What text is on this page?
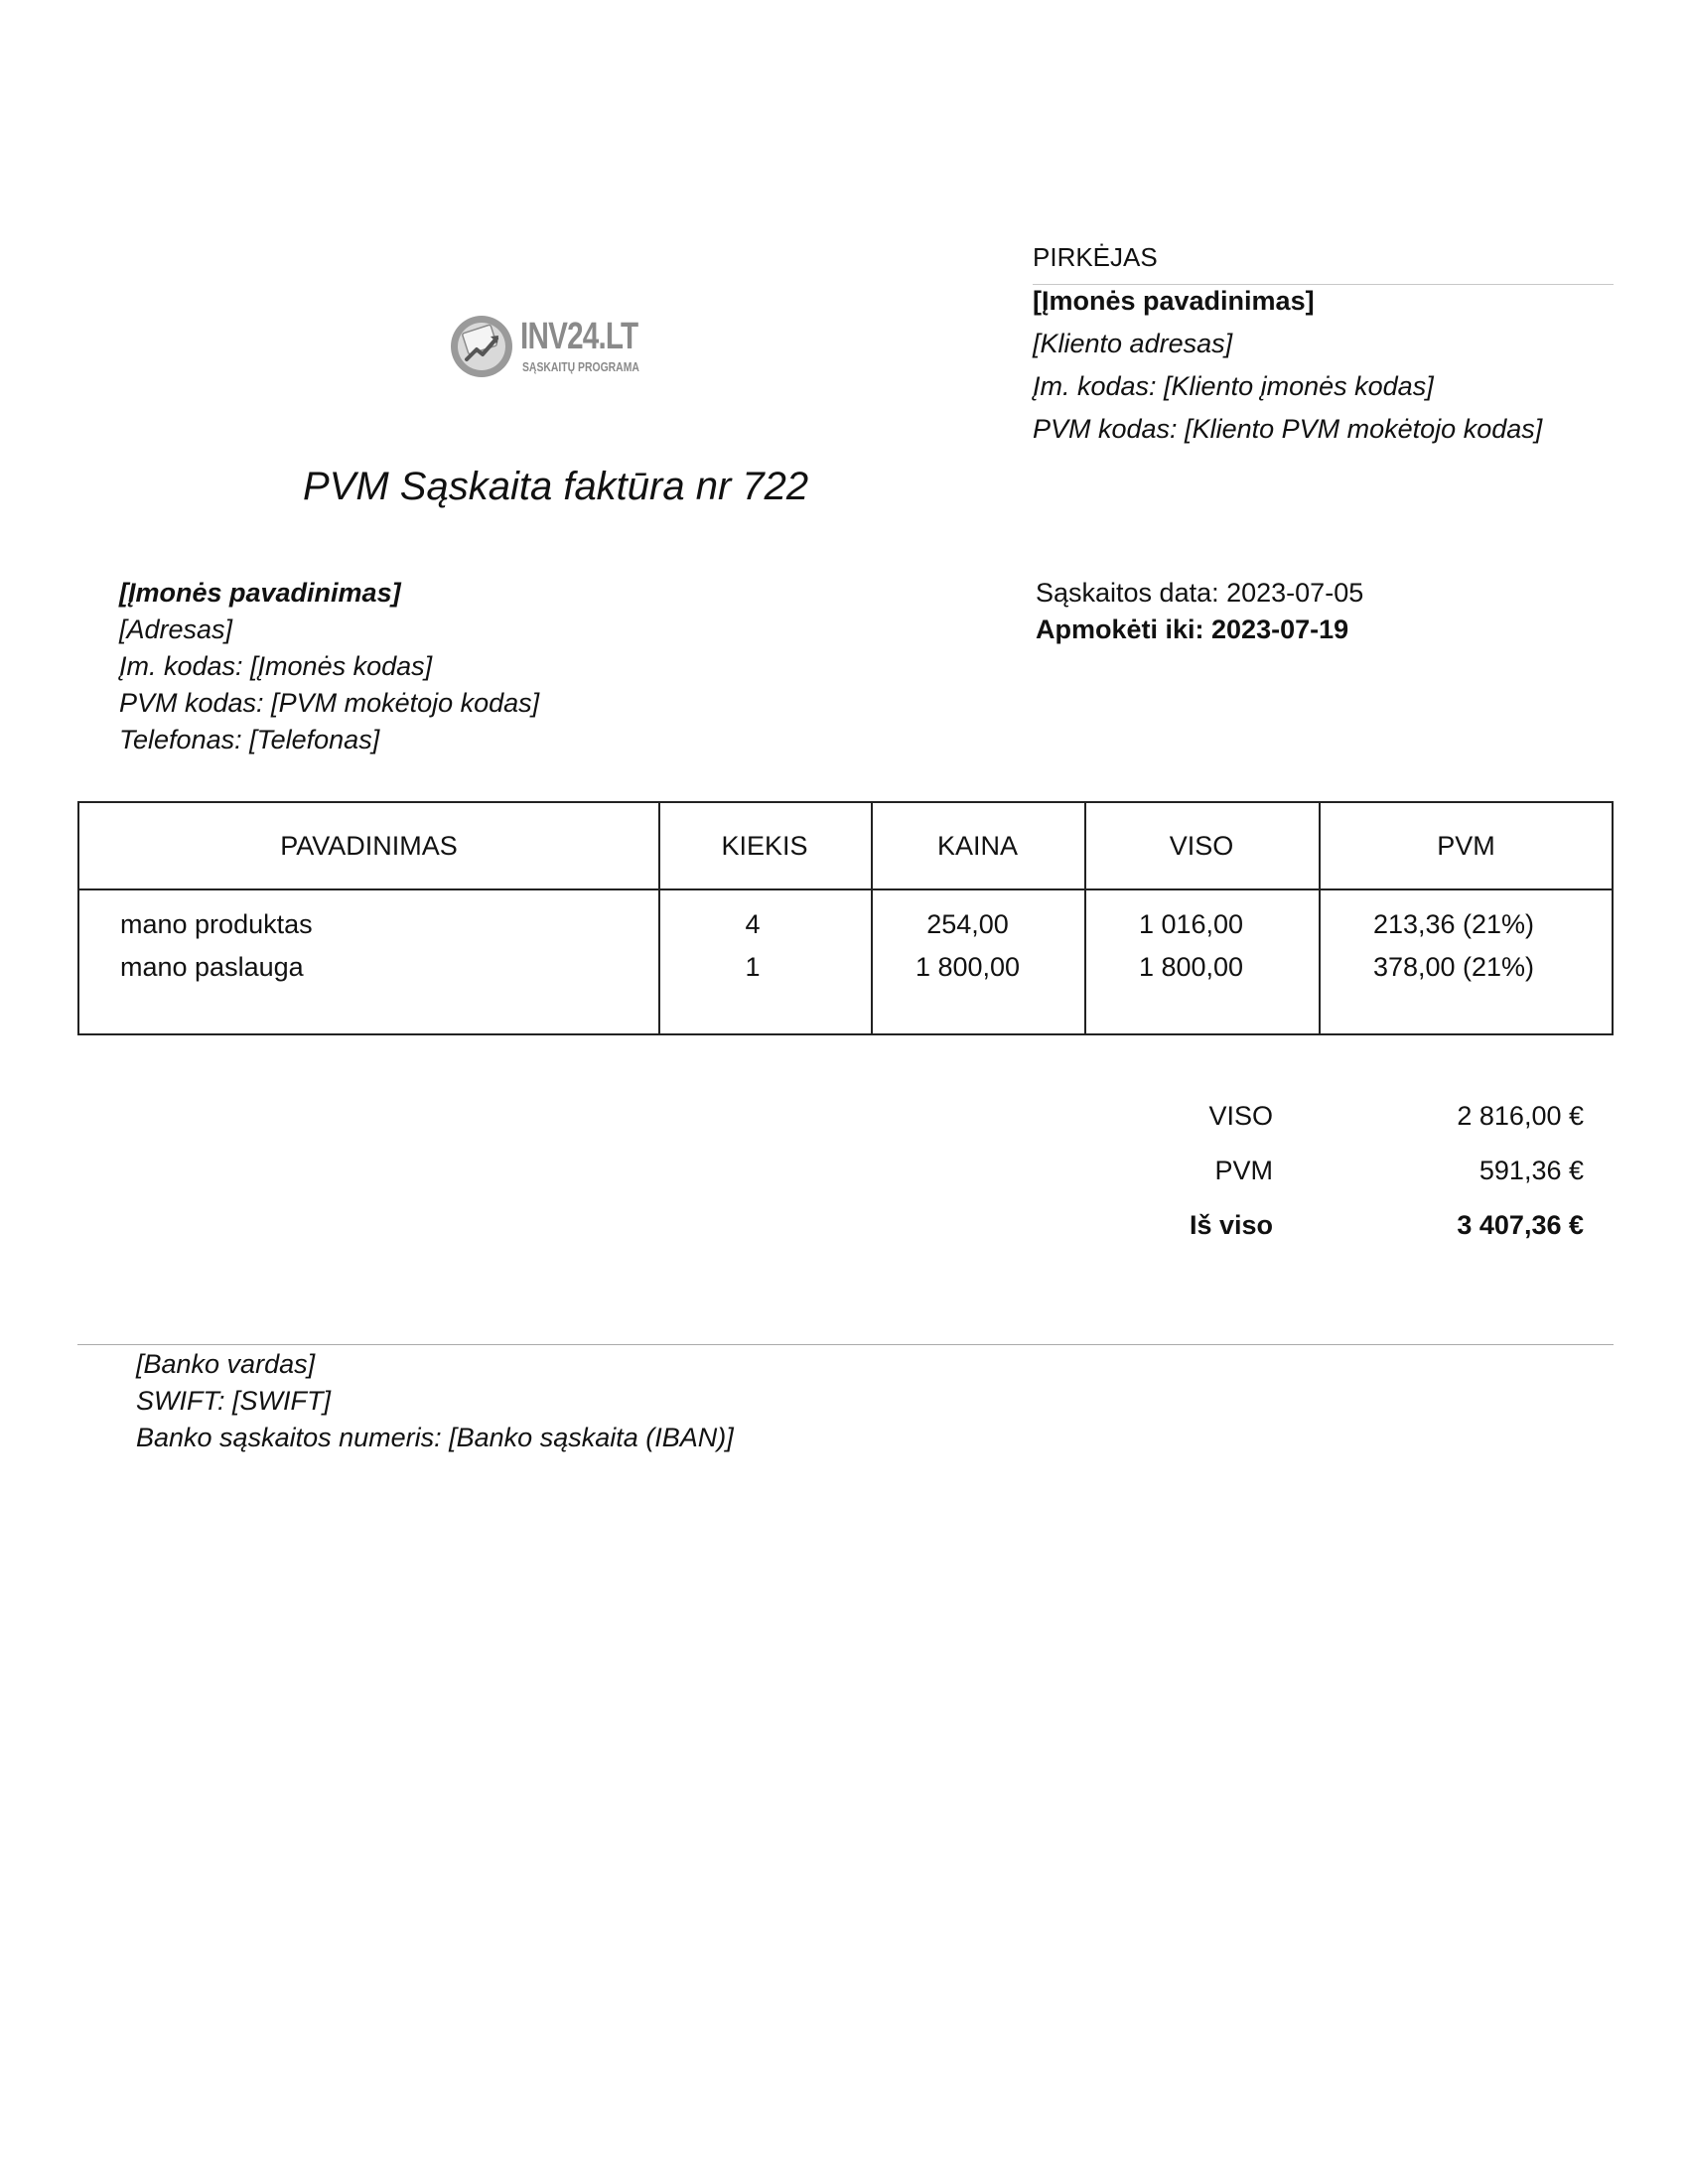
INV24.LT
SĄSKAITŲ PROGRAMA
PVM Sąskaita faktūra nr 722
PIRKĖJAS
[Įmonės pavadinimas]
[Kliento adresas]
Įm. kodas: [Kliento įmonės kodas]
PVM kodas: [Kliento PVM mokėtojo kodas]
[Įmonės pavadinimas]
[Adresas]
Įm. kodas: [Įmonės kodas]
PVM kodas: [PVM mokėtojo kodas]
Telefonas: [Telefonas]
Sąskaitos data: 2023-07-05
Apmokėti iki: 2023-07-19
PAVADINIMAS	KIEKIS	KAINA	VISO	PVM
mano produktas	4	254,00	1 016,00	213,36 (21%)
mano paslauga	1	1 800,00	1 800,00	378,00 (21%)
VISO	2 816,00 €
PVM	591,36 €
Iš viso	3 407,36 €
[Banko vardas]
SWIFT: [SWIFT]
Banko sąskaitos numeris: [Banko sąskaita (IBAN)]
